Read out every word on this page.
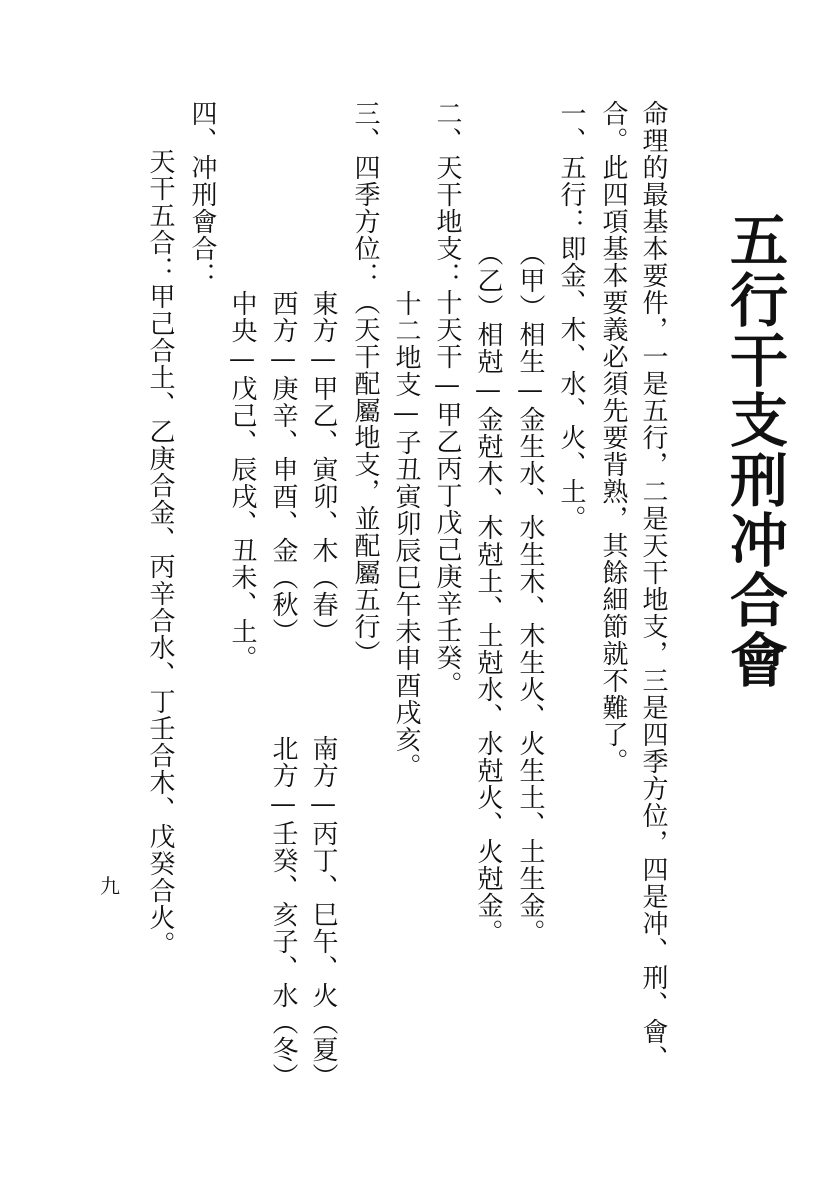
五行干支刑冲合會
命理的最基本要件，一是五行，二是天干地支，三是四季方位，四是冲、刑、會、
合。此四項基本要義必須先要背熟，其餘細節就不難了。
一、五行：即金、木、水、火、土。
（甲）相生—金生水、水生木、木生火、火生土、土生金。
（乙）相尅—金尅木、木尅土、土尅水、水尅火、火尅金。
二、天干地支：十天干—甲乙丙丁戊己庚辛壬癸。
十二地支—子丑寅卯辰巳午未申酉戌亥。
三、四季方位：（天干配屬地支，並配屬五行）
東方—甲乙、寅卯、木（春）
南方—丙丁、巳午、火（夏）
西方—庚辛、申酉、金（秋）
北方—壬癸、亥子、水（冬）
中央—戊己、辰戌、丑未、土。
四、冲刑會合：
天干五合：甲己合土、乙庚合金、丙辛合水、丁壬合木、戊癸合火。
九
